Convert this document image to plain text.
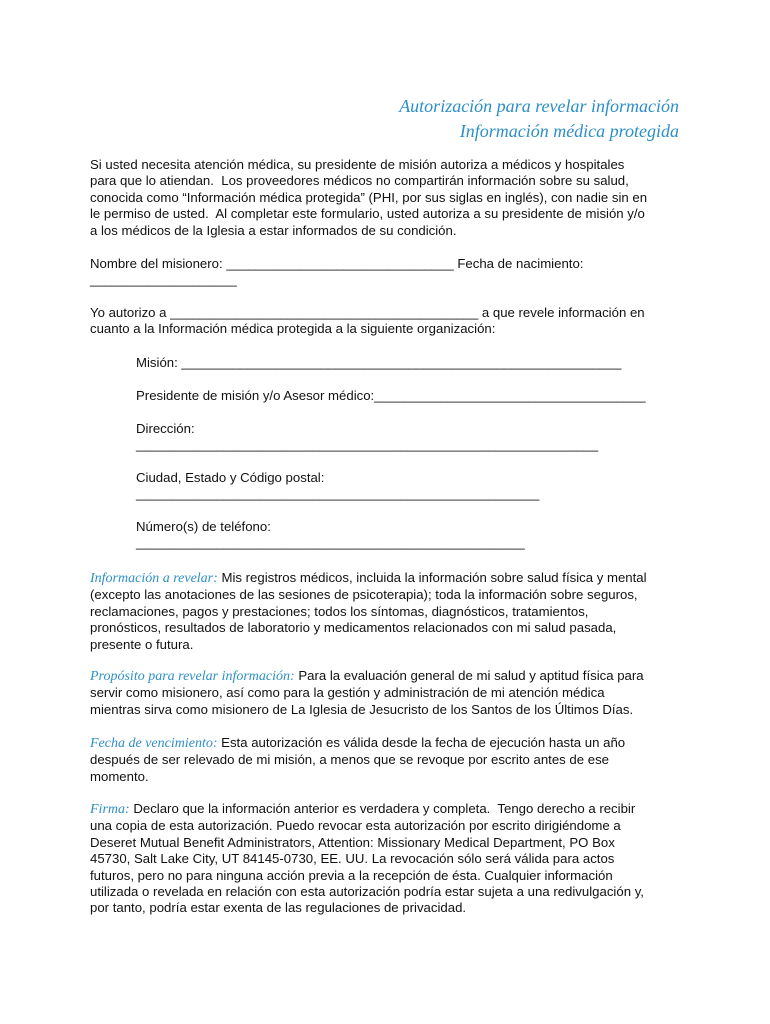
Autorización para revelar información
Información médica protegida
Si usted necesita atención médica, su presidente de misión autoriza a médicos y hospitales
para que lo atiendan.  Los proveedores médicos no compartirán información sobre su salud,
conocida como “Información médica protegida” (PHI, por sus siglas en inglés), con nadie sin en
le permiso de usted.  Al completar este formulario, usted autoriza a su presidente de misión y/o
a los médicos de la Iglesia a estar informados de su condición.
Nombre del misionero: _______________________________ Fecha de nacimiento:
____________________
Yo autorizo a __________________________________________ a que revele información en
cuanto a la Información médica protegida a la siguiente organización:
Misión: ____________________________________________________________
Presidente de misión y/o Asesor médico:_____________________________________
Dirección:
_______________________________________________________________
Ciudad, Estado y Código postal:
_______________________________________________________
Número(s) de teléfono:
_____________________________________________________
Información a revelar: Mis registros médicos, incluida la información sobre salud física y mental
(excepto las anotaciones de las sesiones de psicoterapia); toda la información sobre seguros,
reclamaciones, pagos y prestaciones; todos los síntomas, diagnósticos, tratamientos,
pronósticos, resultados de laboratorio y medicamentos relacionados con mi salud pasada,
presente o futura.
Propósito para revelar información: Para la evaluación general de mi salud y aptitud física para
servir como misionero, así como para la gestión y administración de mi atención médica
mientras sirva como misionero de La Iglesia de Jesucristo de los Santos de los Últimos Días.
Fecha de vencimiento: Esta autorización es válida desde la fecha de ejecución hasta un año
después de ser relevado de mi misión, a menos que se revoque por escrito antes de ese
momento.
Firma: Declaro que la información anterior es verdadera y completa.  Tengo derecho a recibir
una copia de esta autorización. Puedo revocar esta autorización por escrito dirigiéndome a
Deseret Mutual Benefit Administrators, Attention: Missionary Medical Department, PO Box
45730, Salt Lake City, UT 84145-0730, EE. UU. La revocación sólo será válida para actos
futuros, pero no para ninguna acción previa a la recepción de ésta. Cualquier información
utilizada o revelada en relación con esta autorización podría estar sujeta a una redivulgación y,
por tanto, podría estar exenta de las regulaciones de privacidad.
